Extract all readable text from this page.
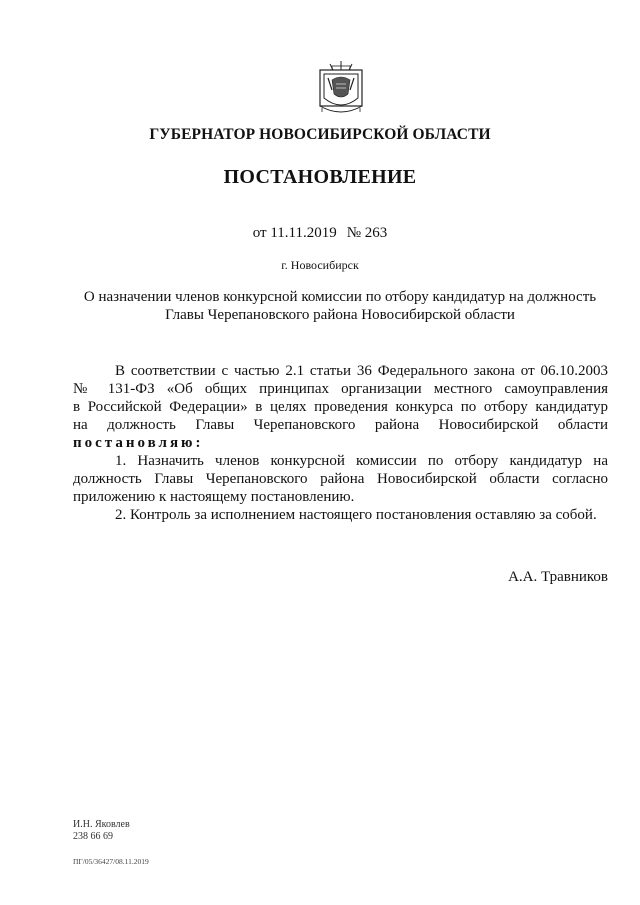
ГУБЕРНАТОР НОВОСИБИРСКОЙ ОБЛАСТИ
ПОСТАНОВЛЕНИЕ
от 11.11.2019 № 263
г. Новосибирск
О назначении членов конкурсной комиссии по отбору кандидатур на должность
Главы Черепановского района Новосибирской области

В соответствии с частью 2.1 статьи 36 Федерального закона от 06.10.2003

№ 131-ФЗ «Об общих принципах организации местного самоуправления
в Российской Федерации» в целях проведения конкурса по отбору кандидатур
на должность Главы Черепановского района Новосибирской области
постановляю:

1. Назначить членов конкурсной комиссии по отбору кандидатур на

должность Главы Черепановского района Новосибирской области согласно
приложению к настоящему постановлению.

2. Контроль за исполнением настоящего постановления оставляю за собой.

А.А. Травников
И.Н. Яковлев
238 66 69
ПГ/05/36427/08.11.2019
